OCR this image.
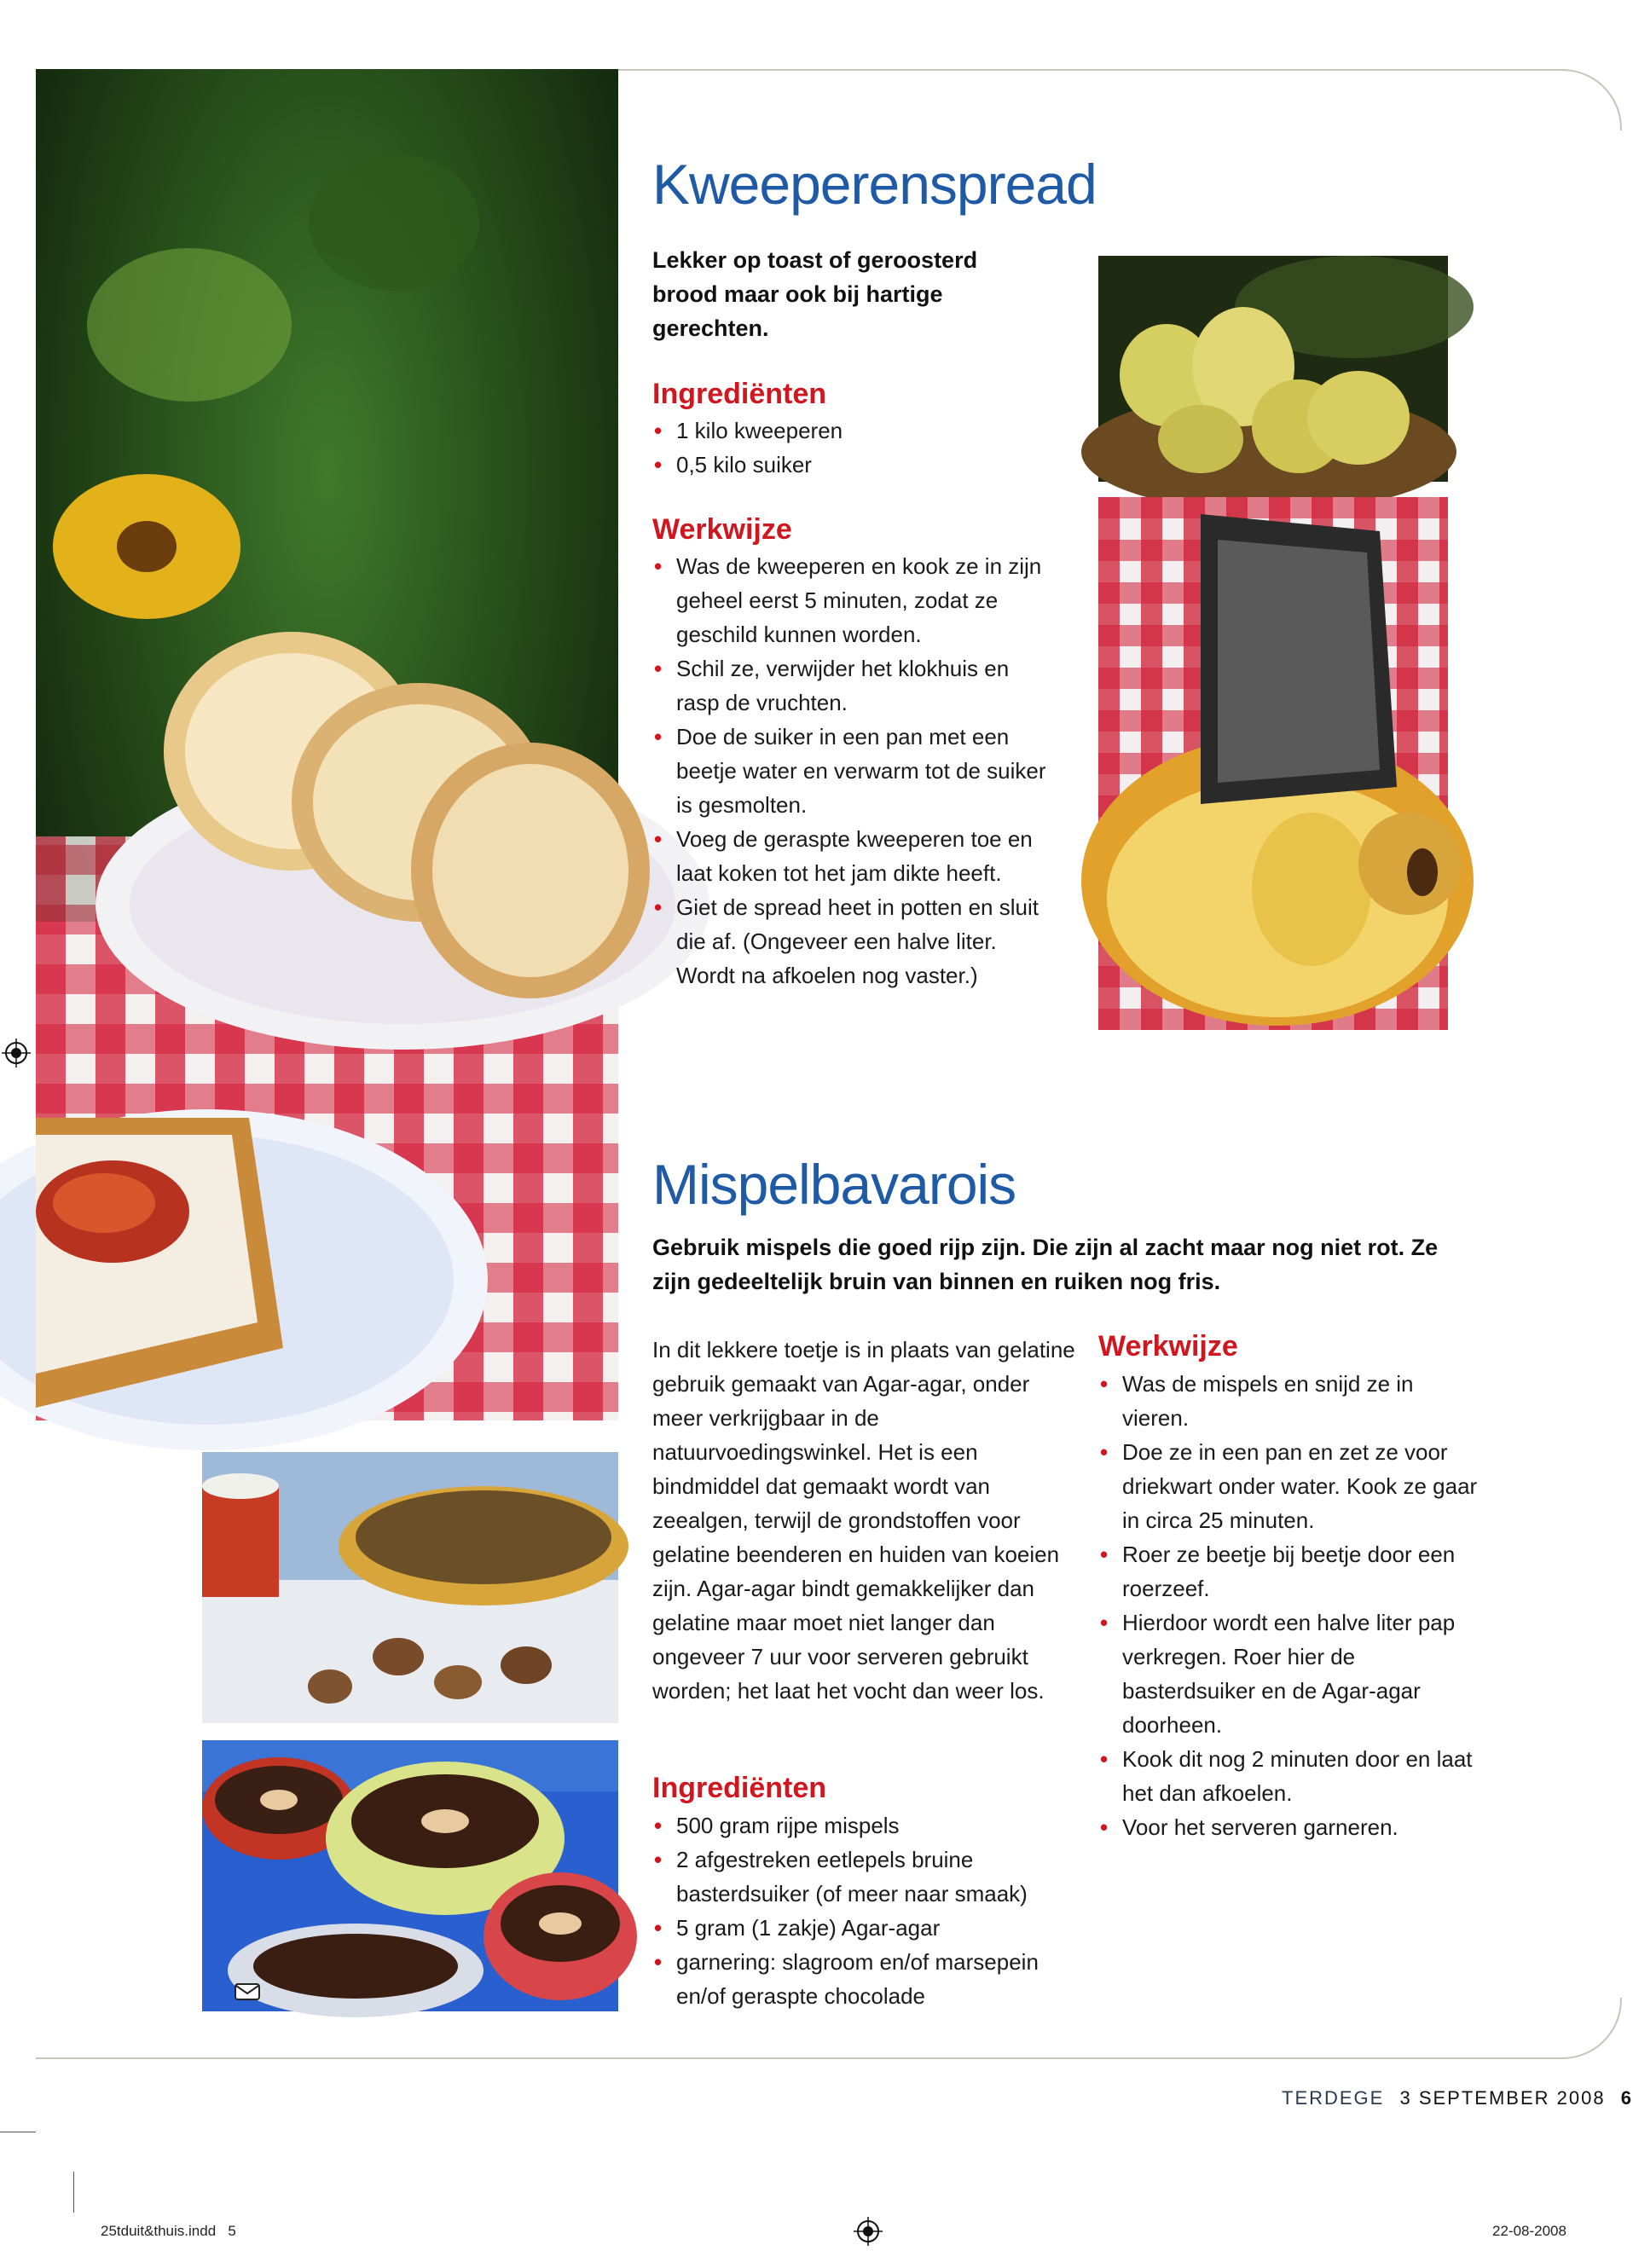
Kweeperenspread
Lekker op toast of geroosterd brood maar ook bij hartige gerechten.
Ingrediënten
• 1 kilo kweeperen
• 0,5 kilo suiker
Werkwijze
• Was de kweeperen en kook ze in zijn geheel eerst 5 minuten, zodat ze geschild kunnen worden.
• Schil ze, verwijder het klokhuis en rasp de vruchten.
• Doe de suiker in een pan met een beetje water en verwarm tot de suiker is gesmolten.
• Voeg de geraspte kweeperen toe en laat koken tot het jam dikte heeft.
• Giet de spread heet in potten en sluit die af. (Ongeveer een halve liter. Wordt na afkoelen nog vaster.)
Mispelbavarois
Gebruik mispels die goed rijp zijn. Die zijn al zacht maar nog niet rot. Ze zijn gedeeltelijk bruin van binnen en ruiken nog fris.
In dit lekkere toetje is in plaats van gelatine gebruik gemaakt van Agar-agar, onder meer verkrijgbaar in de natuurvoedingswinkel. Het is een bindmiddel dat gemaakt wordt van zeealgen, terwijl de grondstoffen voor gelatine beenderen en huiden van koeien zijn. Agar-agar bindt gemakkelijker dan gelatine maar moet niet langer dan ongeveer 7 uur voor serveren gebruikt worden; het laat het vocht dan weer los.
Ingrediënten
• 500 gram rijpe mispels
• 2 afgestreken eetlepels bruine basterdsuiker (of meer naar smaak)
• 5 gram (1 zakje) Agar-agar
• garnering: slagroom en/of marsepein en/of geraspte chocolade
Werkwijze
• Was de mispels en snijd ze in vieren.
• Doe ze in een pan en zet ze voor driekwart onder water. Kook ze gaar in circa 25 minuten.
• Roer ze beetje bij beetje door een roerzeef.
• Hierdoor wordt een halve liter pap verkregen. Roer hier de basterdsuiker en de Agar-agar doorheen.
• Kook dit nog 2 minuten door en laat het dan afkoelen.
• Voor het serveren garneren.
TERDEGE 3 SEPTEMBER 2008 6
25tduit&thuis.indd   5	22-08-2008
